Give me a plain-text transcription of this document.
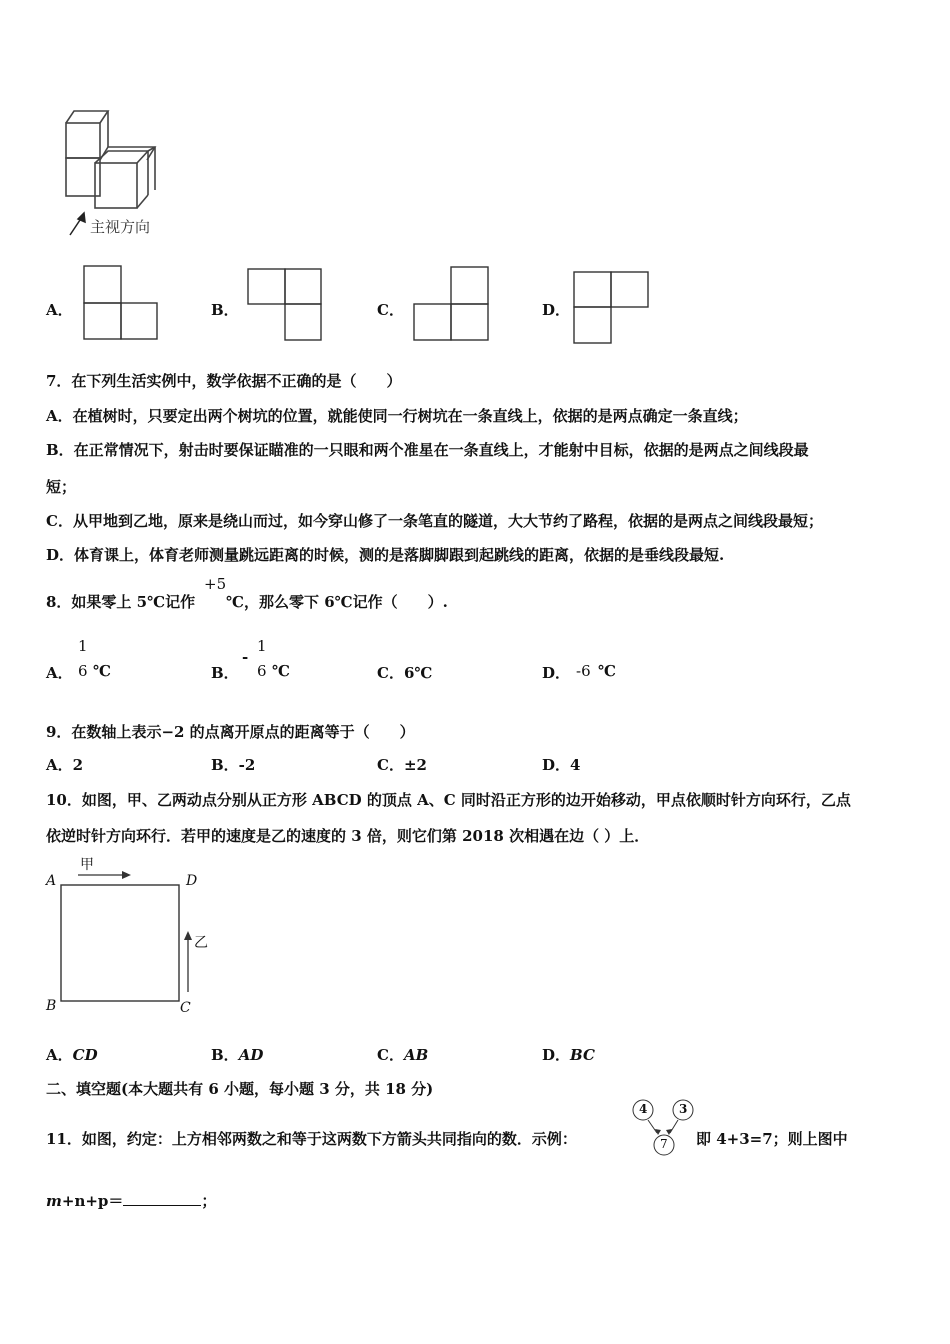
主视方向
A．	B．	C．	D．
7．在下列生活实例中，数学依据不正确的是（　　）
A．在植树时，只要定出两个树坑的位置，就能使同一行树坑在一条直线上，依据的是两点确定一条直线；
B．在正常情况下，射击时要保证瞄准的一只眼和两个准星在一条直线上，才能射中目标，依据的是两点之间线段最
短；
C．从甲地到乙地，原来是绕山而过，如今穿山修了一条笔直的隧道，大大节约了路程，依据的是两点之间线段最短；
D．体育课上，体育老师测量跳远距离的时候，测的是落脚脚跟到起跳线的距离，依据的是垂线段最短.
8．如果零上 5℃记作
+5
℃，那么零下 6℃记作（　　）.
A．
1
6 ℃	B．
-
1
6 ℃	C．6℃	D． -6 ℃
9．在数轴上表示−2 的点离开原点的距离等于（　　）
A．2	B．-2	C．±2	D．4
10．如图，甲、乙两动点分别从正方形 ABCD 的顶点 A、C 同时沿正方形的边开始移动，甲点依顺时针方向环行，乙点
依逆时针方向环行．若甲的速度是乙的速度的 3 倍，则它们第 2018 次相遇在边（ ）上．
A	D
B	C
甲
乙
A．CD	B．AD	C．AB	D．BC
二、填空题(本大题共有 6 小题，每小题 3 分，共 18 分)
11．如图，约定：上方相邻两数之和等于这两数下方箭头共同指向的数．示例：
4	3
7 即 4+3=7；则上图中
m+n+p＝	；
